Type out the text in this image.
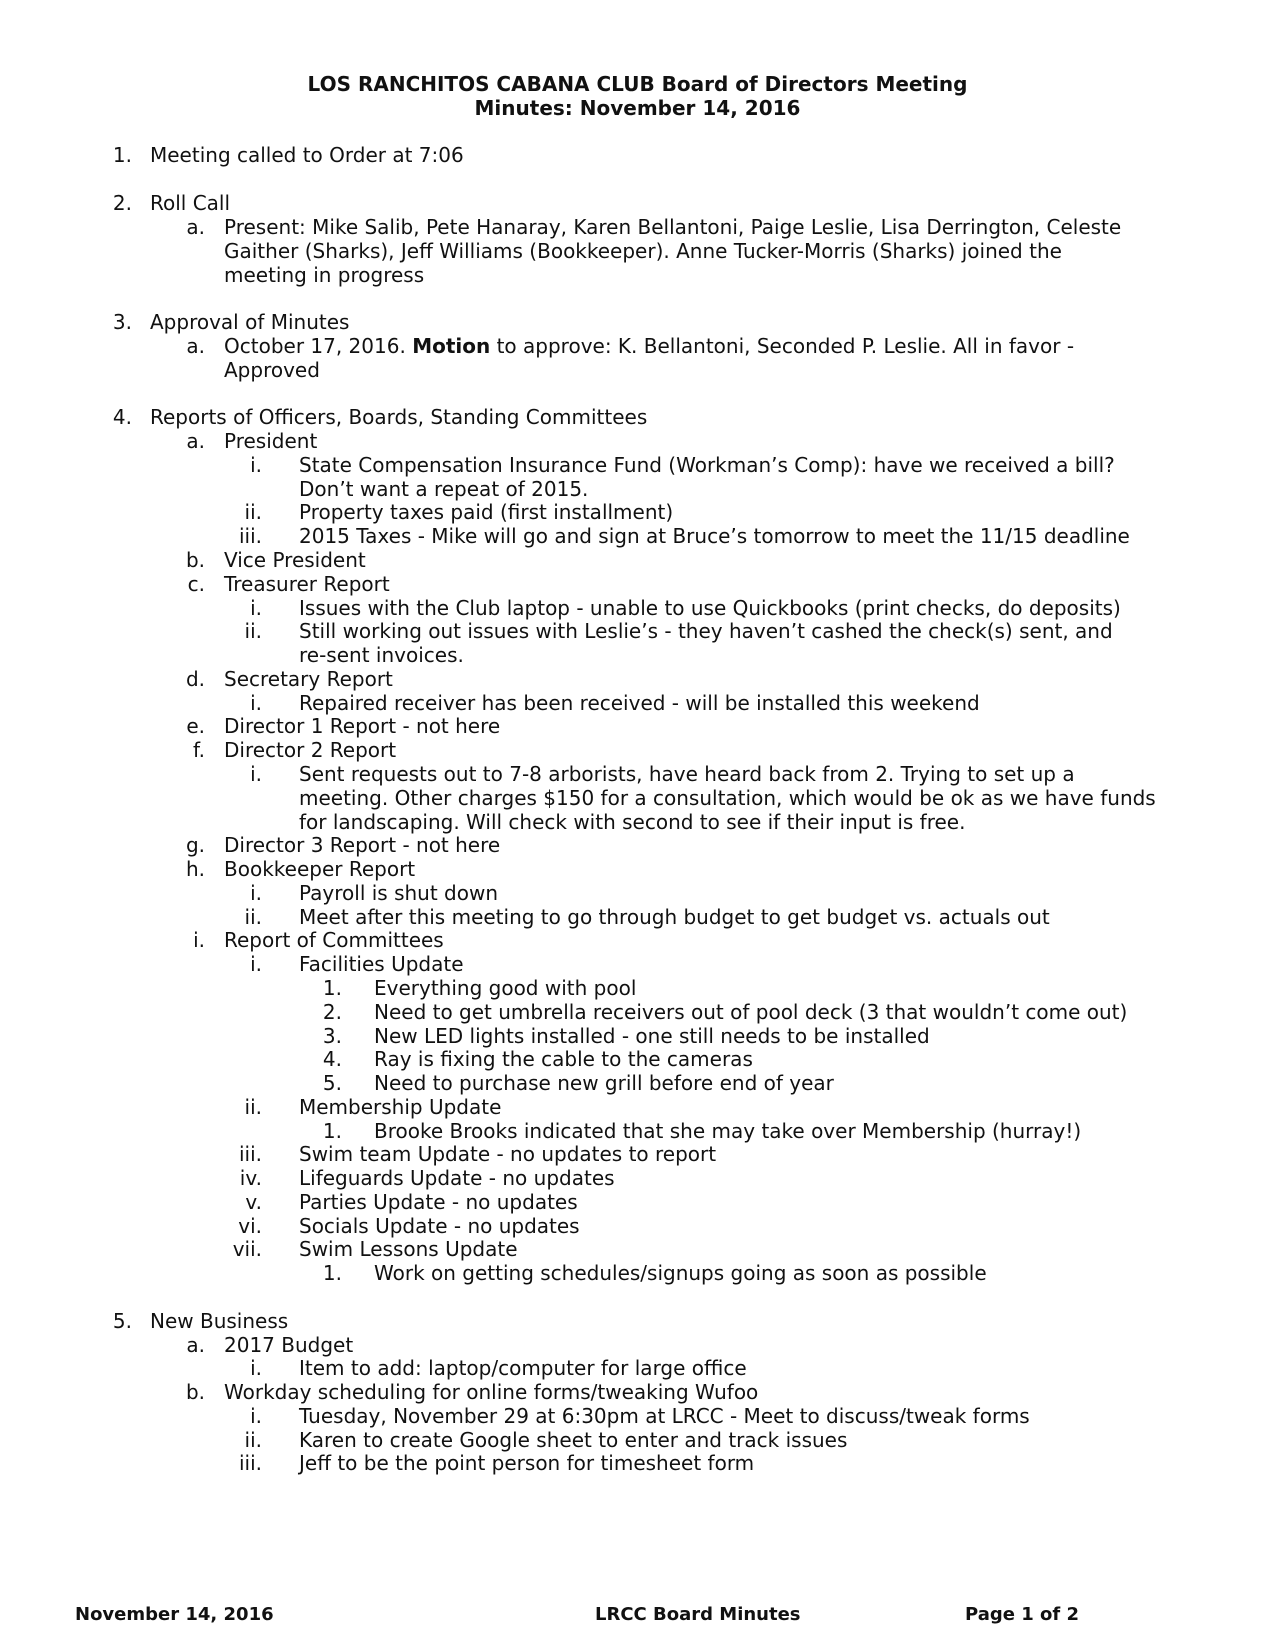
LOS RANCHITOS CABANA CLUB Board of Directors Meeting
Minutes: November 14, 2016
1. Meeting called to Order at 7:06
2. Roll Call
a. Present: Mike Salib, Pete Hanaray, Karen Bellantoni, Paige Leslie, Lisa Derrington, Celeste
Gaither (Sharks), Jeff Williams (Bookkeeper). Anne Tucker-Morris (Sharks) joined the
meeting in progress
3. Approval of Minutes
a. October 17, 2016. Motion to approve: K. Bellantoni, Seconded P. Leslie. All in favor -
Approved
4. Reports of Officers, Boards, Standing Committees
a. President
i. State Compensation Insurance Fund (Workman’s Comp): have we received a bill?
Don’t want a repeat of 2015.
ii. Property taxes paid (first installment)
iii. 2015 Taxes - Mike will go and sign at Bruce’s tomorrow to meet the 11/15 deadline
b. Vice President
c. Treasurer Report
i. Issues with the Club laptop - unable to use Quickbooks (print checks, do deposits)
ii. Still working out issues with Leslie’s - they haven’t cashed the check(s) sent, and
re-sent invoices.
d. Secretary Report
i. Repaired receiver has been received - will be installed this weekend
e. Director 1 Report - not here
f. Director 2 Report
i. Sent requests out to 7-8 arborists, have heard back from 2. Trying to set up a
meeting. Other charges $150 for a consultation, which would be ok as we have funds
for landscaping. Will check with second to see if their input is free.
g. Director 3 Report - not here
h. Bookkeeper Report
i. Payroll is shut down
ii. Meet after this meeting to go through budget to get budget vs. actuals out
i. Report of Committees
i. Facilities Update
1. Everything good with pool
2. Need to get umbrella receivers out of pool deck (3 that wouldn’t come out)
3. New LED lights installed - one still needs to be installed
4. Ray is fixing the cable to the cameras
5. Need to purchase new grill before end of year
ii. Membership Update
1. Brooke Brooks indicated that she may take over Membership (hurray!)
iii. Swim team Update - no updates to report
iv. Lifeguards Update - no updates
v. Parties Update - no updates
vi. Socials Update - no updates
vii. Swim Lessons Update
1. Work on getting schedules/signups going as soon as possible
5. New Business
a. 2017 Budget
i. Item to add: laptop/computer for large office
b. Workday scheduling for online forms/tweaking Wufoo
i. Tuesday, November 29 at 6:30pm at LRCC - Meet to discuss/tweak forms
ii. Karen to create Google sheet to enter and track issues
iii. Jeff to be the point person for timesheet form
November 14, 2016	LRCC Board Minutes	Page 1 of 2
